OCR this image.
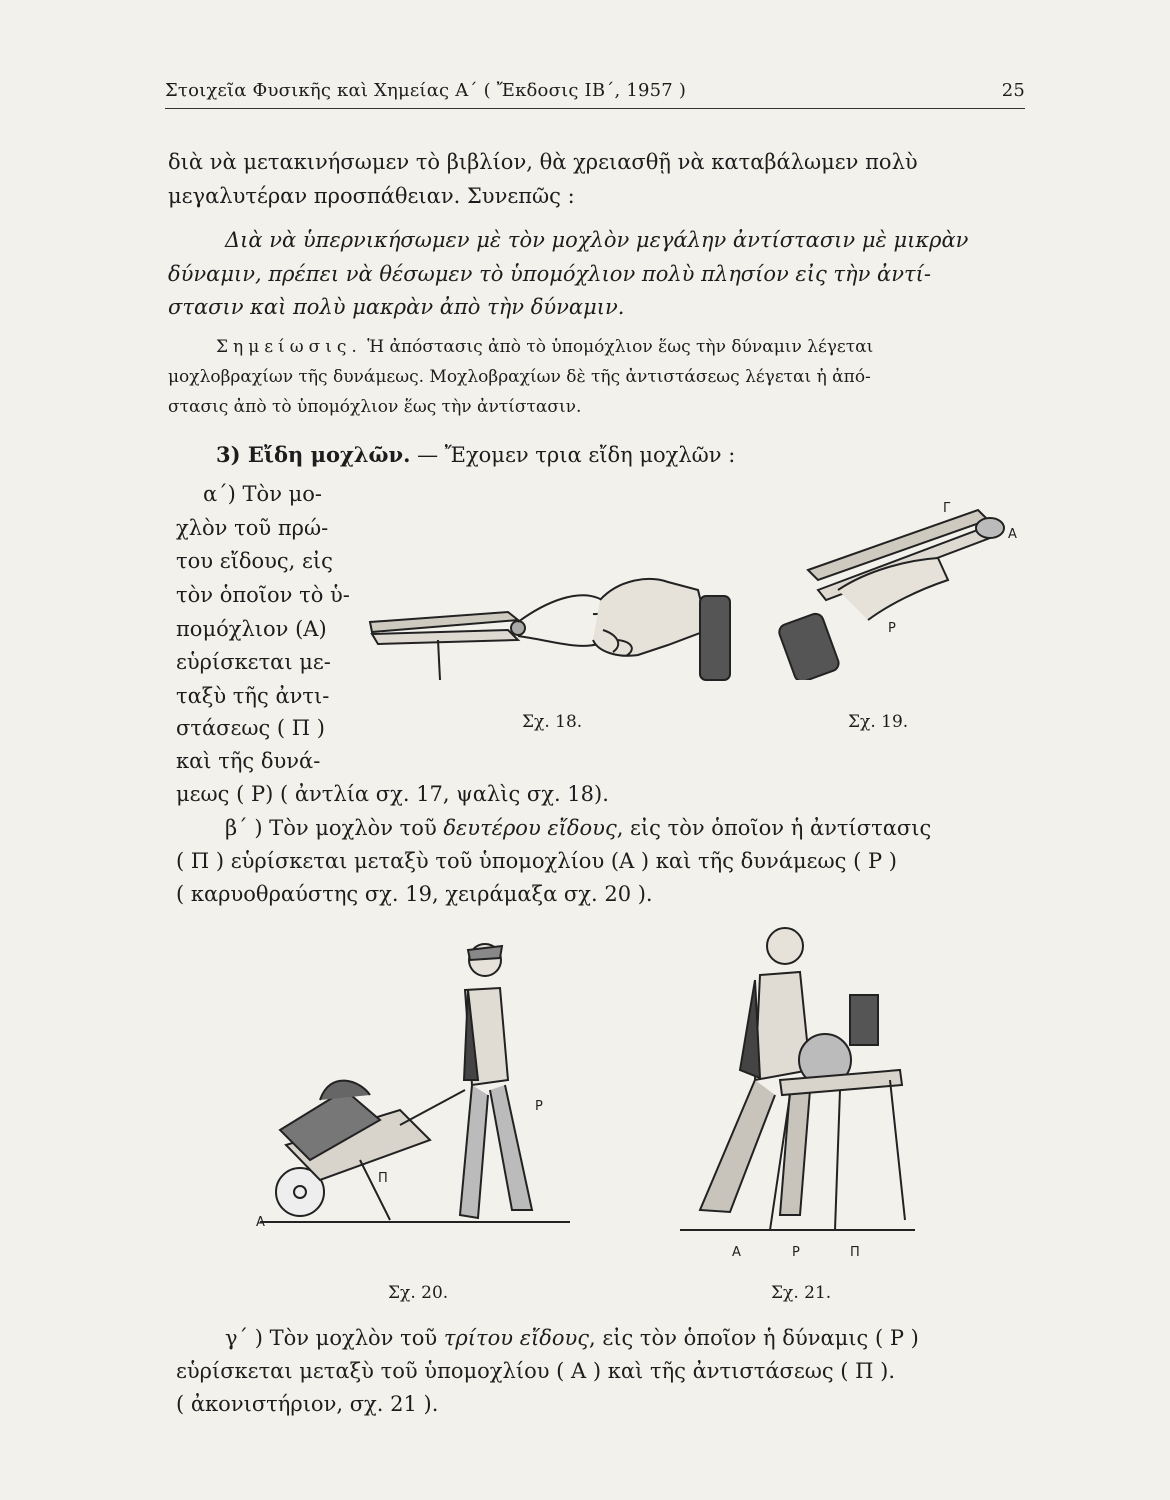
Στοιχεῖα Φυσικῆς καὶ Χημείας Α΄ ( Ἔκδοσις ΙΒ΄, 1957 )	25
διὰ νὰ μετακινήσωμεν τὸ βιβλίον, θὰ χρειασθῇ νὰ καταβάλωμεν πολὺ
μεγαλυτέραν προσπάθειαν. Συνεπῶς :
Διὰ νὰ ὑπερνικήσωμεν μὲ τὸν μοχλὸν μεγάλην ἀντίστασιν μὲ μικρὰν
δύναμιν, πρέπει νὰ θέσωμεν τὸ ὑπομόχλιον πολὺ πλησίον εἰς τὴν ἀντί-
στασιν καὶ πολὺ μακρὰν ἀπὸ τὴν δύναμιν.
Σημείωσις. Ἡ ἀπόστασις ἀπὸ τὸ ὑπομόχλιον ἕως τὴν δύναμιν λέγεται
μοχλοβραχίων τῆς δυνάμεως. Μοχλοβραχίων δὲ τῆς ἀντιστάσεως λέγεται ἡ ἀπό-
στασις ἀπὸ τὸ ὑπομόχλιον ἕως τὴν ἀντίστασιν.
3) Εἴδη μοχλῶν. — Ἔχομεν τρια εἴδη μοχλῶν :
α΄) Τὸν μο-
χλὸν τοῦ πρώ-
του εἴδους, εἰς
τὸν ὁποῖον τὸ ὑ-
πομόχλιον (Α)
εὑρίσκεται με-
ταξὺ τῆς ἀντι-
στάσεως ( Π )
καὶ τῆς δυνά-
μεως ( Ρ) ( ἀντλία σχ. 17, ψαλὶς σχ. 18).
Σχ. 18.
Γ
Α
Ρ
Σχ. 19.
β΄ ) Τὸν μοχλὸν τοῦ δευτέρου εἴδους, εἰς τὸν ὁποῖον ἡ ἀντίστασις
( Π ) εὑρίσκεται μεταξὺ τοῦ ὑπομοχλίου (Α ) καὶ τῆς δυνάμεως ( Ρ )
( καρυοθραύστης σχ. 19, χειράμαξα σχ. 20 ).
Ρ
Π
Α
Σχ. 20.
Α	Ρ	Π
Σχ. 21.
γ΄ ) Τὸν μοχλὸν τοῦ τρίτου εἴδους, εἰς τὸν ὁποῖον ἡ δύναμις ( Ρ )
εὑρίσκεται μεταξὺ τοῦ ὑπομοχλίου ( Α ) καὶ τῆς ἀντιστάσεως ( Π ).
( ἀκονιστήριον, σχ. 21 ).
